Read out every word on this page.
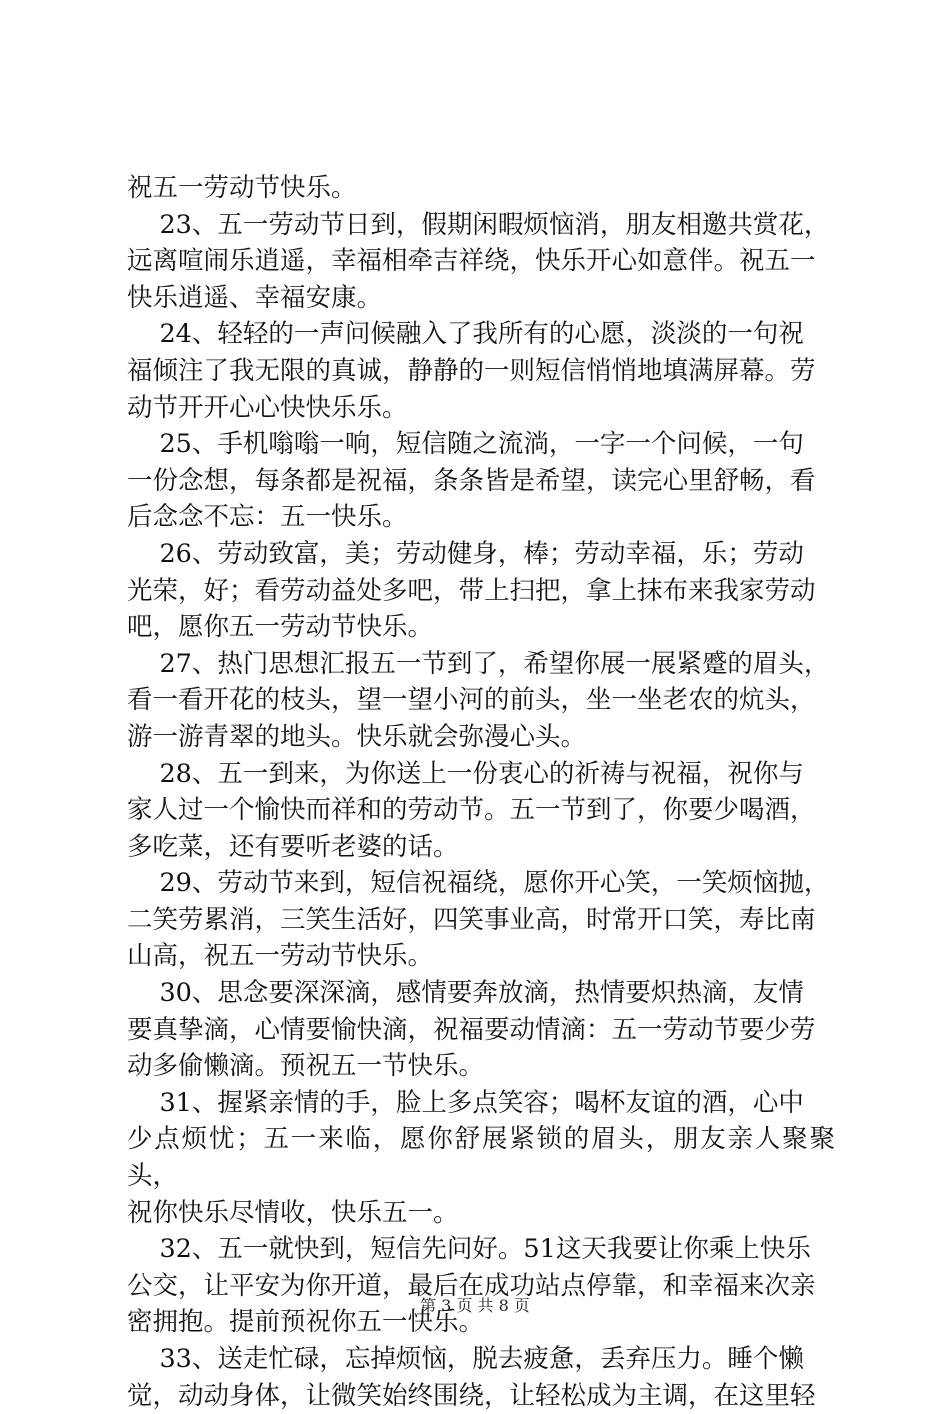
祝五一劳动节快乐。

23、五一劳动节日到，假期闲暇烦恼消，朋友相邀共赏花，

远离喧闹乐逍遥，幸福相牵吉祥绕，快乐开心如意伴。祝五一

快乐逍遥、幸福安康。

24、轻轻的一声问候融入了我所有的心愿，淡淡的一句祝

福倾注了我无限的真诚，静静的一则短信悄悄地填满屏幕。劳

动节开开心心快快乐乐。

25、手机嗡嗡一响，短信随之流淌，一字一个问候，一句

一份念想，每条都是祝福，条条皆是希望，读完心里舒畅，看

后念念不忘：五一快乐。

26、劳动致富，美；劳动健身，棒；劳动幸福，乐；劳动

光荣，好；看劳动益处多吧，带上扫把，拿上抹布来我家劳动

吧，愿你五一劳动节快乐。

27、热门思想汇报五一节到了，希望你展一展紧蹙的眉头，

看一看开花的枝头，望一望小河的前头，坐一坐老农的炕头，

游一游青翠的地头。快乐就会弥漫心头。

28、五一到来，为你送上一份衷心的祈祷与祝福，祝你与

家人过一个愉快而祥和的劳动节。五一节到了，你要少喝酒，

多吃菜，还有要听老婆的话。

29、劳动节来到，短信祝福绕，愿你开心笑，一笑烦恼抛，

二笑劳累消，三笑生活好，四笑事业高，时常开口笑，寿比南

山高，祝五一劳动节快乐。

30、思念要深深滴，感情要奔放滴，热情要炽热滴，友情

要真挚滴，心情要愉快滴，祝福要动情滴：五一劳动节要少劳

动多偷懒滴。预祝五一节快乐。

31、握紧亲情的手，脸上多点笑容；喝杯友谊的酒，心中

少点烦忧；五一来临，愿你舒展紧锁的眉头，朋友亲人聚聚头，

祝你快乐尽情收，快乐五一。

32、五一就快到，短信先问好。51这天我要让你乘上快乐

公交，让平安为你开道，最后在成功站点停靠，和幸福来次亲

密拥抱。提前预祝你五一快乐。

33、送走忙碌，忘掉烦恼，脱去疲惫，丢弃压力。睡个懒

觉，动动身体，让微笑始终围绕，让轻松成为主调，在这里轻

第 3 页 共 8 页
